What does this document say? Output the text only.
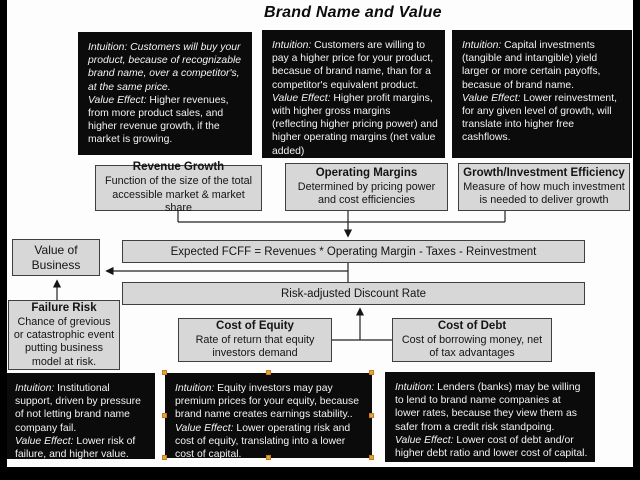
Brand Name and Value

Intuition: Customers will buy your product, because of recognizable brand name, over a competitor's, at the same price.

Value Effect: Higher revenues, from more product sales, and higher revenue growth, if the market is growing.

Intuition: Customers are willing to pay a higher price for your product, becasue of brand name, than for a competitor's equivalent product.

Value Effect: Higher profit margins, with higher gross margins (reflecting higher pricing power) and higher operating margins (net value added)

Intuition: Capital investments (tangible and intangible) yield larger or more certain payoffs, becasue of brand name.

Value Effect: Lower reinvestment, for any given level of growth, will translate into higher free cashflows.

Revenue Growth
Function of the size of the total accessible market & market share
Operating Margins
Determined by pricing power and cost efficiencies
Growth/Investment Efficiency
Measure of how much investment is needed to deliver growth
Value of Business
Expected FCFF = Revenues * Operating Margin - Taxes - Reinvestment
Risk-adjusted Discount Rate
Failure Risk
Chance of grevious or catastrophic event putting business model at risk.
Cost of Equity
Rate of return that equity investors demand
Cost of Debt
Cost of borrowing money, net of tax advantages

Intuition: Institutional support, driven by pressure of not letting brand name company fail.

Value Effect: Lower risk of failure, and higher value.

Intuition: Equity investors may pay premium prices for your equity, because brand name creates earnings stability..

Value Effect: Lower operating risk and cost of equity, translating into a lower cost of capital.

Intuition: Lenders (banks) may be willing to lend to brand name companies at lower rates, because they view them as safer from a credit risk standpoing.

Value Effect: Lower cost of debt and/or higher debt ratio and lower cost of capital.
